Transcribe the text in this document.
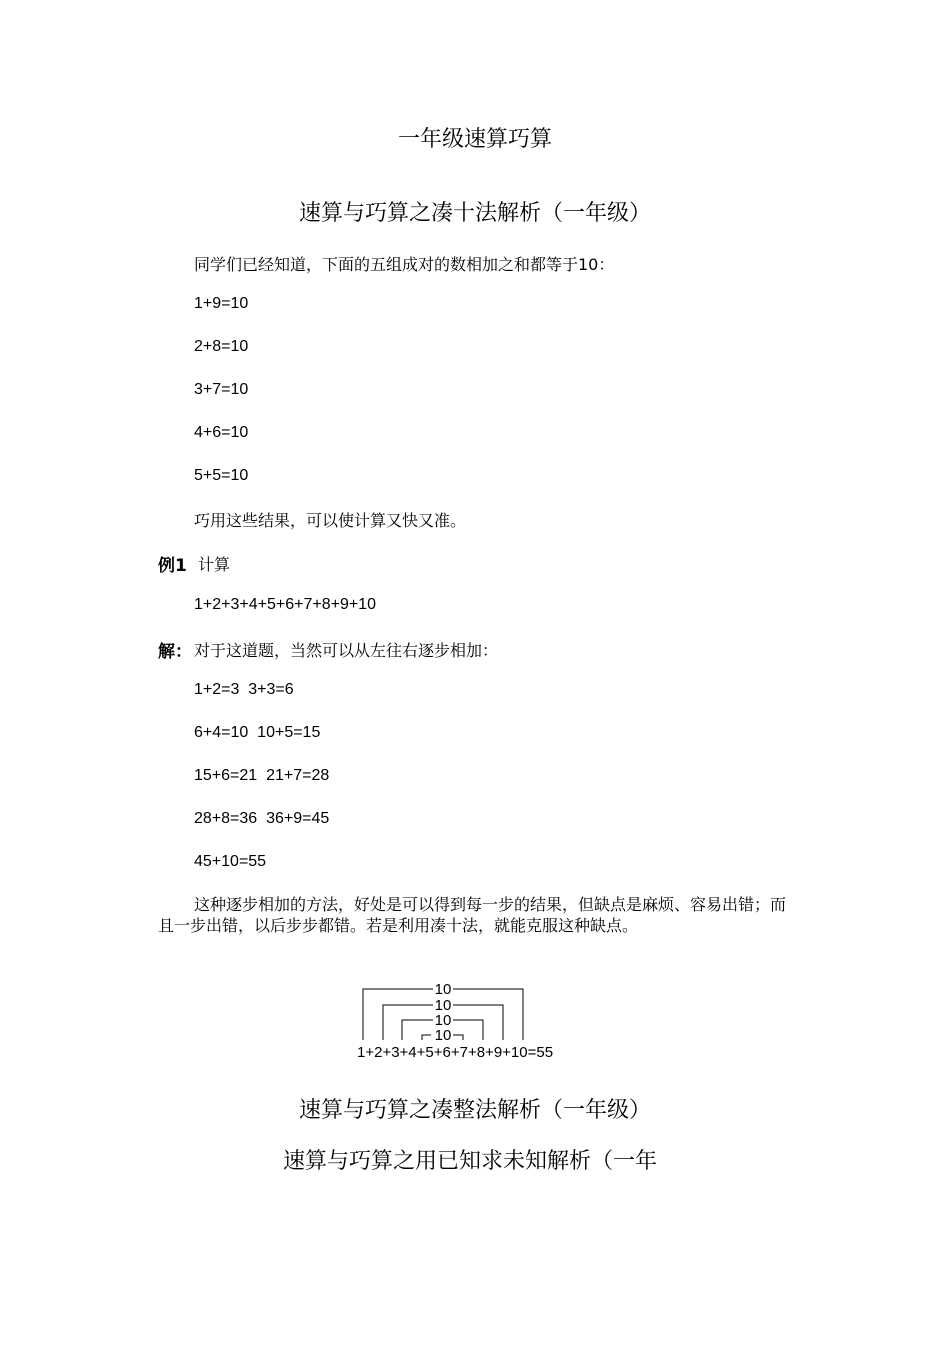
一年级速算巧算
速算与巧算之凑十法解析（一年级）
同学们已经知道，下面的五组成对的数相加之和都等于10：
1+9=10
2+8=10
3+7=10
4+6=10
5+5=10
巧用这些结果，可以使计算又快又准。
例1 计算
1+2+3+4+5+6+7+8+9+10
解： 对于这道题，当然可以从左往右逐步相加：
1+2=3  3+3=6
6+4=10  10+5=15
15+6=21  21+7=28
28+8=36  36+9=45
45+10=55
这种逐步相加的方法，好处是可以得到每一步的结果，但缺点是麻烦、容易出错；而且一步出错，以后步步都错。若是利用凑十法，就能克服这种缺点。
10
10
10
10
1+2+3+4+5+6+7+8+9+10=55
速算与巧算之凑整法解析（一年级）
速算与巧算之用已知求未知解析（一年
